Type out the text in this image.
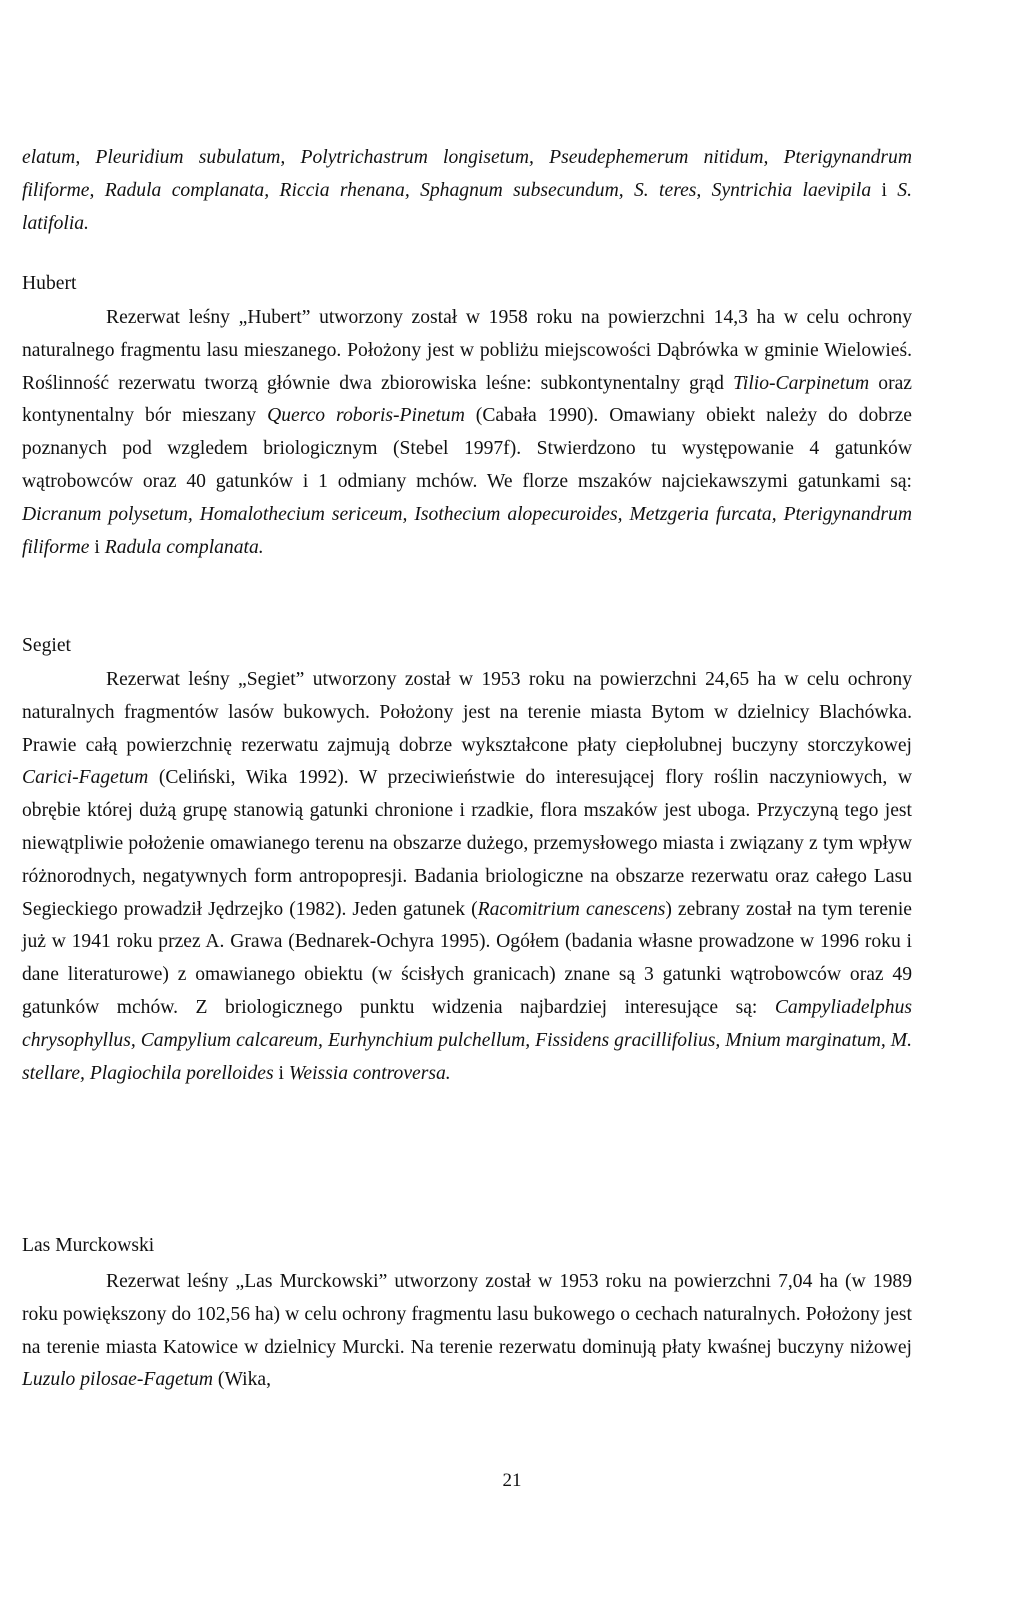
elatum, Pleuridium subulatum, Polytrichastrum longisetum, Pseudephemerum nitidum, Pterigynandrum filiforme, Radula complanata, Riccia rhenana, Sphagnum subsecundum, S. teres, Syntrichia laevipila i S. latifolia.

Hubert

Rezerwat leśny „Hubert” utworzony został w 1958 roku na powierzchni 14,3 ha w celu ochrony naturalnego fragmentu lasu mieszanego. Położony jest w pobliżu miejscowości Dąbrówka w gminie Wielowieś. Roślinność rezerwatu tworzą głównie dwa zbiorowiska leśne: subkontynentalny grąd Tilio-Carpinetum oraz kontynentalny bór mieszany Querco roboris-Pinetum (Cabała 1990). Omawiany obiekt należy do dobrze poznanych pod wzgledem briologicznym (Stebel 1997f). Stwierdzono tu występowanie 4 gatunków wątrobowców oraz 40 gatunków i 1 odmiany mchów. We florze mszaków najciekawszymi gatunkami są: Dicranum polysetum, Homalothecium sericeum, Isothecium alopecuroides, Metzgeria furcata, Pterigynandrum filiforme i Radula complanata.

Segiet

Rezerwat leśny „Segiet” utworzony został w 1953 roku na powierzchni 24,65 ha w celu ochrony naturalnych fragmentów lasów bukowych. Położony jest na terenie miasta Bytom w dzielnicy Blachówka. Prawie całą powierzchnię rezerwatu zajmują dobrze wykształcone płaty ciepłolubnej buczyny storczykowej Carici-Fagetum (Celiński, Wika 1992). W przeciwieństwie do interesującej flory roślin naczyniowych, w obrębie której dużą grupę stanowią gatunki chronione i rzadkie, flora mszaków jest uboga. Przyczyną tego jest niewątpliwie położenie omawianego terenu na obszarze dużego, przemysłowego miasta i związany z tym wpływ różnorodnych, negatywnych form antropopresji. Badania briologiczne na obszarze rezerwatu oraz całego Lasu Segieckiego prowadził Jędrzejko (1982). Jeden gatunek (Racomitrium canescens) zebrany został na tym terenie już w 1941 roku przez A. Grawa (Bednarek-Ochyra 1995). Ogółem (badania własne prowadzone w 1996 roku i dane literaturowe) z omawianego obiektu (w ścisłych granicach) znane są 3 gatunki wątrobowców oraz 49 gatunków mchów. Z briologicznego punktu widzenia najbardziej interesujące są: Campyliadelphus chrysophyllus, Campylium calcareum, Eurhynchium pulchellum, Fissidens gracillifolius, Mnium marginatum, M. stellare, Plagiochila porelloides i Weissia controversa.

Las Murckowski

Rezerwat leśny „Las Murckowski” utworzony został w 1953 roku na powierzchni 7,04 ha (w 1989 roku powiększony do 102,56 ha) w celu ochrony fragmentu lasu bukowego o cechach naturalnych. Położony jest na terenie miasta Katowice w dzielnicy Murcki. Na terenie rezerwatu dominują płaty kwaśnej buczyny niżowej Luzulo pilosae-Fagetum (Wika,

21
